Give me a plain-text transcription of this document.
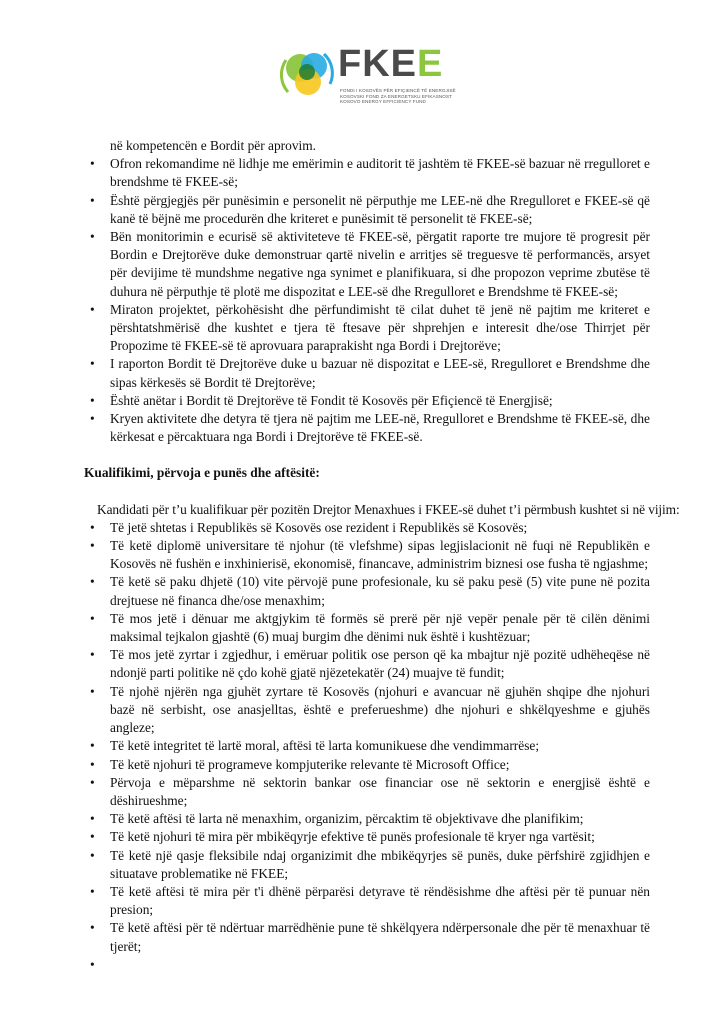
FKEE
FONDI I KOSOVËS PËR EFIÇIENCË TË ENERGJISË
KOSOVSKI FOND ZA ENERGETSKU EFIKASNOST
KOSOVO ENERGY EFFICIENCY FUND
në kompetencën e Bordit për aprovim.
• Ofron rekomandime në lidhje me emërimin e auditorit të jashtëm të FKEE-së bazuar në rregulloret e brendshme të FKEE-së;
• Është përgjegjës për punësimin e personelit në përputhje me LEE-në dhe Rregulloret e FKEE-së që kanë të bëjnë me procedurën dhe kriteret e punësimit të personelit të FKEE-së;
• Bën monitorimin e ecurisë së aktiviteteve të FKEE-së, përgatit raporte tre mujore të progresit për Bordin e Drejtorëve duke demonstruar qartë nivelin e arritjes së treguesve të performancës, arsyet për devijime të mundshme negative nga synimet e planifikuara, si dhe propozon veprime zbutëse të duhura në përputhje të plotë me dispozitat e LEE-së dhe Rregulloret e Brendshme të FKEE-së;
• Miraton projektet, përkohësisht dhe përfundimisht të cilat duhet të jenë në pajtim me kriteret e përshtatshmërisë dhe kushtet e tjera të ftesave për shprehjen e interesit dhe/ose Thirrjet për Propozime të FKEE-së të aprovuara paraprakisht nga Bordi i Drejtorëve;
• I raporton Bordit të Drejtorëve duke u bazuar në dispozitat e LEE-së, Rregulloret e Brendshme dhe sipas kërkesës së Bordit të Drejtorëve;
• Është anëtar i Bordit të Drejtorëve të Fondit të Kosovës për Efiçiencë të Energjisë;
• Kryen aktivitete dhe detyra të tjera në pajtim me LEE-në, Rregulloret e Brendshme të FKEE-së, dhe kërkesat e përcaktuara nga Bordi i Drejtorëve të FKEE-së.
Kualifikimi, përvoja e punës dhe aftësitë:
Kandidati për t’u kualifikuar për pozitën Drejtor Menaxhues i FKEE-së duhet t’i përmbush kushtet si në vijim:
• Të jetë shtetas i Republikës së Kosovës ose rezident i Republikës së Kosovës;
• Të ketë diplomë universitare të njohur (të vlefshme) sipas legjislacionit në fuqi në Republikën e Kosovës në fushën e inxhinierisë, ekonomisë, financave, administrim biznesi ose fusha të ngjashme;
• Të ketë së paku dhjetë (10) vite përvojë pune profesionale, ku së paku pesë (5) vite pune në pozita drejtuese në financa dhe/ose menaxhim;
• Të mos jetë i dënuar me aktgjykim të formës së prerë për një vepër penale për të cilën dënimi maksimal tejkalon gjashtë (6) muaj burgim dhe dënimi nuk është i kushtëzuar;
• Të mos jetë zyrtar i zgjedhur, i emëruar politik ose person që ka mbajtur një pozitë udhëheqëse në ndonjë parti politike në çdo kohë gjatë njëzetekatër (24) muajve të fundit;
• Të njohë njërën nga gjuhët zyrtare të Kosovës (njohuri e avancuar në gjuhën shqipe dhe njohuri bazë në serbisht, ose anasjelltas, është e preferueshme) dhe njohuri e shkëlqyeshme e gjuhës angleze;
• Të ketë integritet të lartë moral, aftësi të larta komunikuese dhe vendimmarrëse;
• Të ketë njohuri të programeve kompjuterike relevante të Microsoft Office;
• Përvoja e mëparshme në sektorin bankar ose financiar ose në sektorin e energjisë është e dëshirueshme;
• Të ketë aftësi të larta në menaxhim, organizim, përcaktim të objektivave dhe planifikim;
• Të ketë njohuri të mira për mbikëqyrje efektive të punës profesionale të kryer nga vartësit;
• Të ketë një qasje fleksibile ndaj organizimit dhe mbikëqyrjes së punës, duke përfshirë zgjidhjen e situatave problematike në FKEE;
• Të ketë aftësi të mira për t'i dhënë përparësi detyrave të rëndësishme dhe aftësi për të punuar nën presion;
• Të ketë aftësi për të ndërtuar marrëdhënie pune të shkëlqyera ndërpersonale dhe për të menaxhuar të tjerët;
•
